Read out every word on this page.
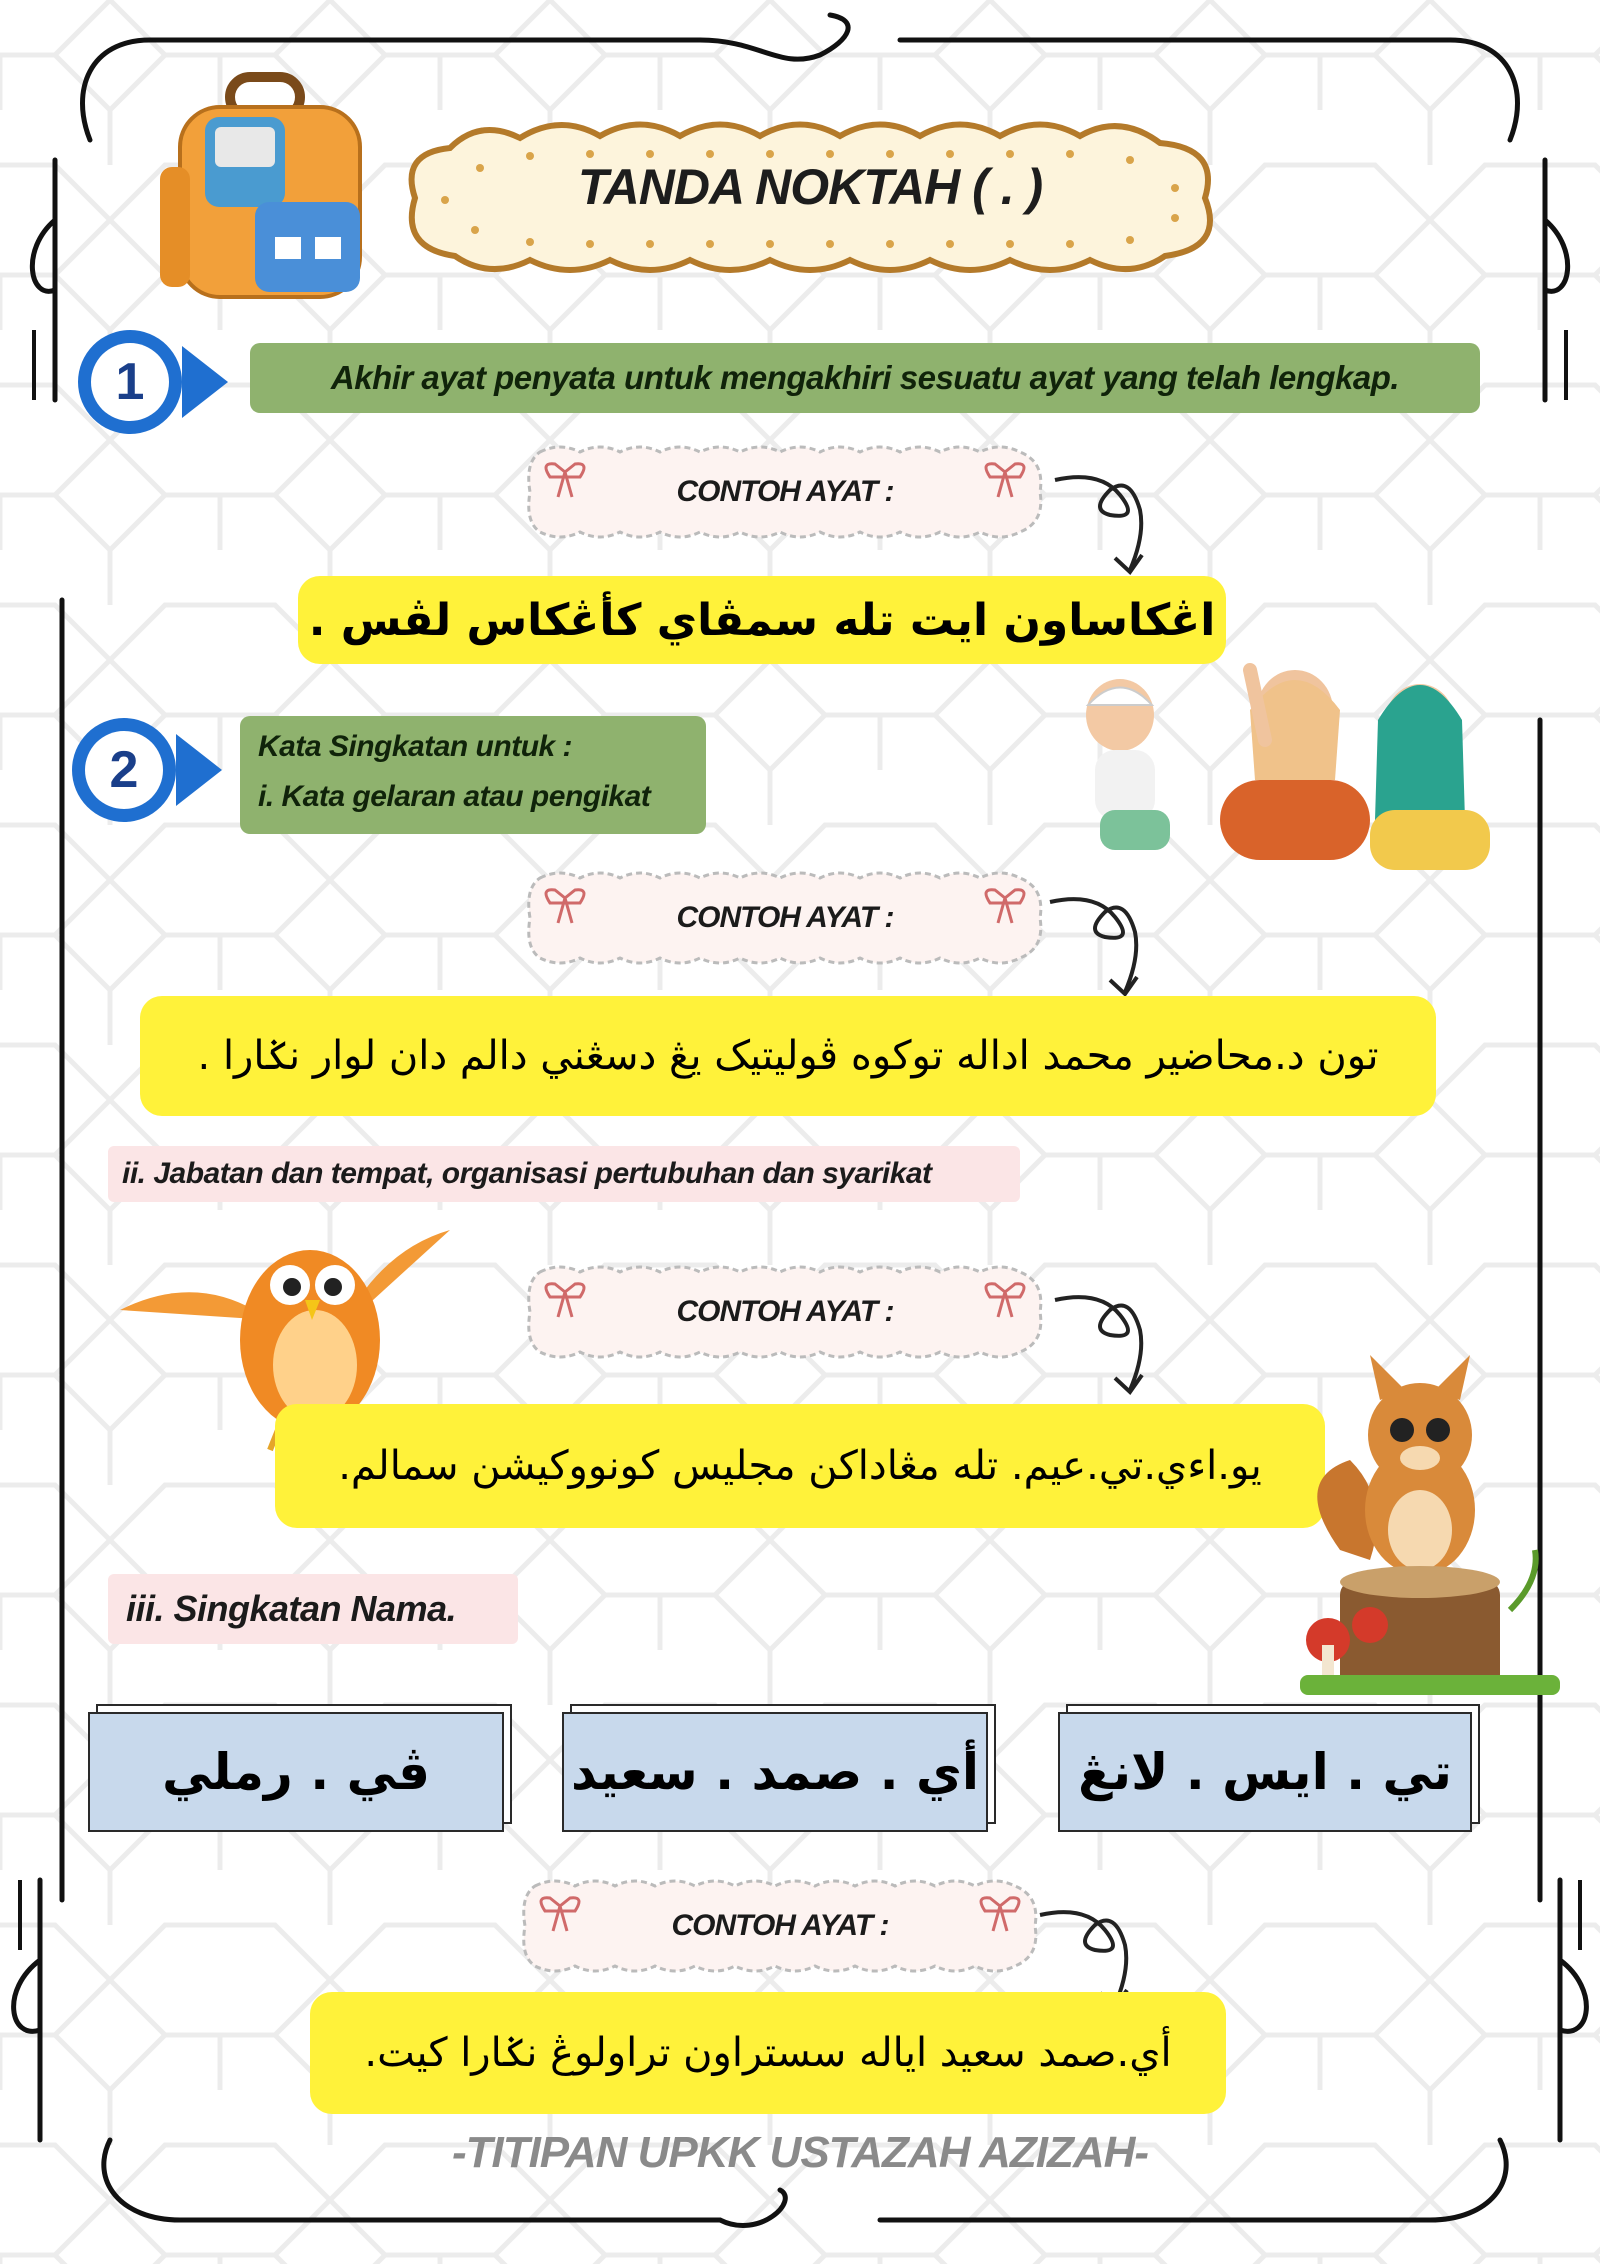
TANDA NOKTAH ( . )
1	Akhir ayat penyata untuk mengakhiri sesuatu ayat yang telah lengkap.
CONTOH AYAT :
اڠكاساون ايت تله سمڤاي كأڠكاس لڤس .
2	Kata Singkatan untuk :
i. Kata gelaran atau pengikat
CONTOH AYAT :
تون د.محاضير محمد اداله توكوه ڤوليتيک يڠ دسڠني دالم دان لوار نݢارا .
ii. Jabatan dan tempat, organisasi pertubuhan dan syarikat
CONTOH AYAT :
يو.اءي.تي.عيم. تله مڠاداكن مجليس كونووكيشن سمالم.
iii. Singkatan Nama.
تي . ايس . لانڠ
أي . صمد . سعيد
ڤي . رملي
CONTOH AYAT :
أي.صمد سعيد اياله سستراون تراولوڠ نݢارا كيت.
-TITIPAN UPKK USTAZAH AZIZAH-
